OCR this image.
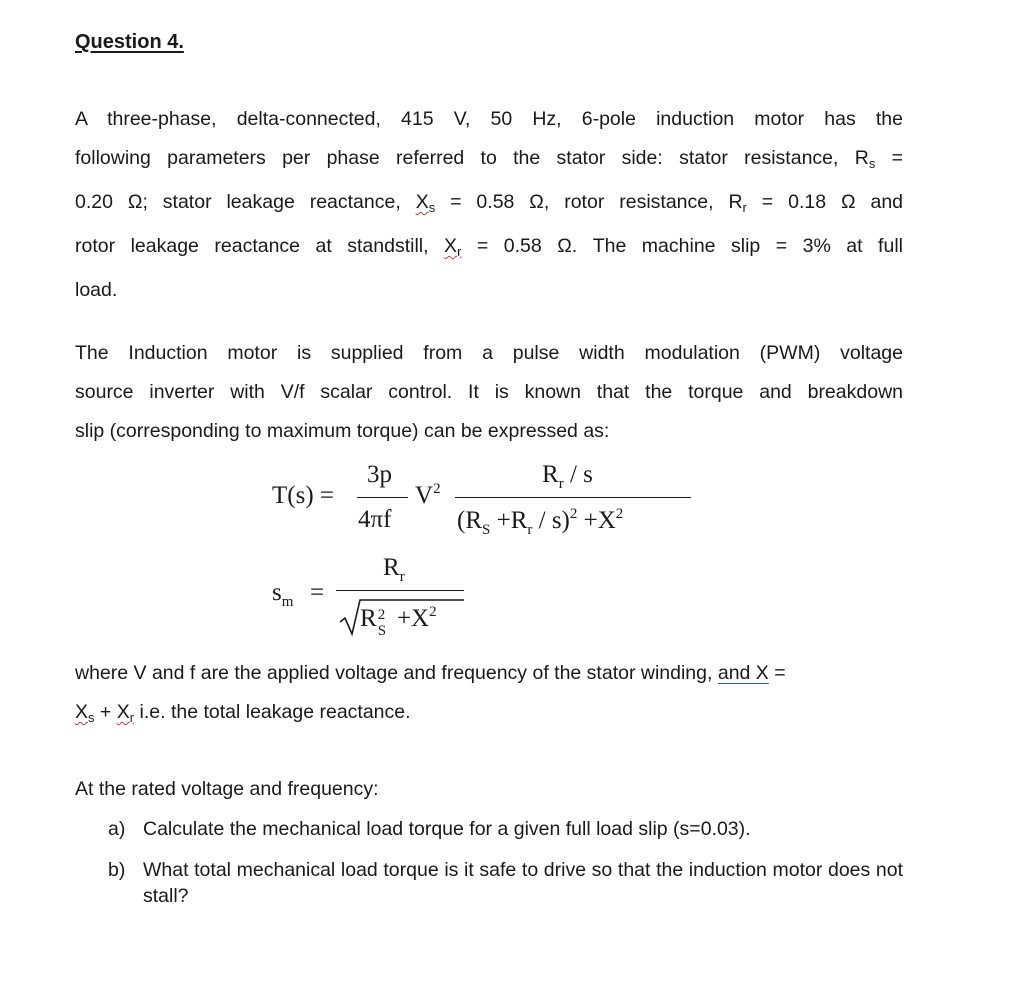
Question 4.
A three-phase, delta-connected, 415 V, 50 Hz, 6-pole induction motor has the
following parameters per phase referred to the stator side: stator resistance, $R_s$ =
0.20 Ω; stator leakage reactance, $X_s = 0.58$ Ω, rotor resistance, $R_r = 0.18$ Ω and
rotor leakage reactance at standstill, $X_r = 0.58$ Ω. The machine slip = 3% at full
load.
The Induction motor is supplied from a pulse width modulation (PWM) voltage
source inverter with V/f scalar control. It is known that the torque and breakdown
slip (corresponding to maximum torque) can be expressed as:
T(s) =
3p
4πf
$V^2$
$R_r$ / s
$(R_S +R_r / s)^2 +X^2$
$s_m$ =
$R_r$
R 2
$S +X^2$
where V and f are the applied voltage and frequency of the stator winding, and X =
$X_s + X_r$ i.e. the total leakage reactance.
At the rated voltage and frequency:
a) Calculate the mechanical load torque for a given full load slip (s=0.03).
b) What total mechanical load torque is it safe to drive so that the induction motor does not stall?
